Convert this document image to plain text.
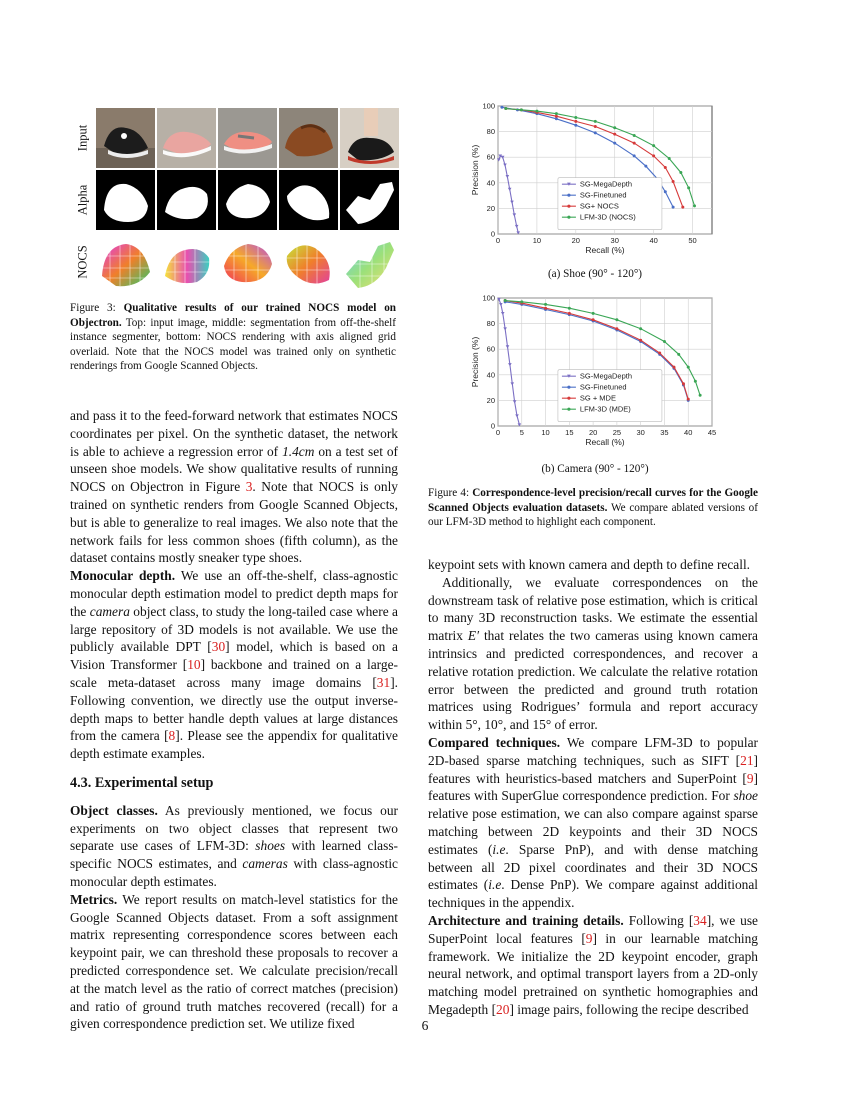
Input
Alpha
NOCS
Figure 3: Qualitative results of our trained NOCS model on Objectron. Top: input image, middle: segmentation from off-the-shelf instance segmenter, bottom: NOCS rendering with axis aligned grid overlaid. Note that the NOCS model was trained only on synthetic renderings from Google Scanned Objects.

and pass it to the feed-forward network that estimates NOCS coordinates per pixel. On the synthetic dataset, the network is able to achieve a regression error of 1.4cm on a test set of unseen shoe models. We show qualitative results of running NOCS on Objectron in Figure 3. Note that NOCS is only trained on synthetic renders from Google Scanned Objects, but is able to generalize to real images. We also note that the network fails for less common shoes (fifth column), as the dataset contains mostly sneaker type shoes.

Monocular depth. We use an off-the-shelf, class-agnostic monocular depth estimation model to predict depth maps for the camera object class, to study the long-tailed case where a large repository of 3D models is not available. We use the publicly available DPT [30] model, which is based on a Vision Transformer [10] backbone and trained on a large-scale meta-dataset across many image domains [31]. Following convention, we directly use the output inverse-depth maps to better handle depth values at large distances from the camera [8]. Please see the appendix for qualitative depth estimate examples.

4.3. Experimental setup

Object classes. As previously mentioned, we focus our experiments on two object classes that represent two separate use cases of LFM-3D: shoes with learned class-specific NOCS estimates, and cameras with class-agnostic monocular depth estimates.

Metrics. We report results on match-level statistics for the Google Scanned Objects dataset. From a soft assignment matrix representing correspondence scores between each keypoint pair, we can threshold these proposals to recover a predicted correspondence set. We calculate precision/recall at the match level as the ratio of correct matches (precision) and ratio of ground truth matches recovered (recall) for a given correspondence prediction set. We utilize fixed

0	10	20	30	40	50
0
20
40
60
80
100
Recall (%)
Precision (%)	SG-MegaDepth
SG-Finetuned
SG+ NOCS
LFM-3D (NOCS)
(a) Shoe (90° - 120°)
0	5 10 15 20 25 30 35 40 45
0
20
40
60
80
100
Recall (%)
Precision (%)	SG-MegaDepth
SG-Finetuned
SG + MDE
LFM-3D (MDE)
(b) Camera (90° - 120°)
Figure 4: Correspondence-level precision/recall curves for the Google Scanned Objects evaluation datasets. We compare ablated versions of our LFM-3D method to highlight each component.

keypoint sets with known camera and depth to define recall.

Additionally, we evaluate correspondences on the downstream task of relative pose estimation, which is critical to many 3D reconstruction tasks. We estimate the essential matrix E′ that relates the two cameras using known camera intrinsics and predicted correspondences, and recover a relative rotation prediction. We calculate the relative rotation error between the predicted and ground truth rotation matrices using Rodrigues’ formula and report accuracy within 5°, 10°, and 15° of error.

Compared techniques. We compare LFM-3D to popular 2D-based sparse matching techniques, such as SIFT [21] features with heuristics-based matchers and SuperPoint [9] features with SuperGlue correspondence prediction. For shoe relative pose estimation, we can also compare against sparse matching between 2D keypoints and their 3D NOCS estimates (i.e. Sparse PnP), and with dense matching between all 2D pixel coordinates and their 3D NOCS estimates (i.e. Dense PnP). We compare against additional techniques in the appendix.

Architecture and training details. Following [34], we use SuperPoint local features [9] in our learnable matching framework. We initialize the 2D keypoint encoder, graph neural network, and optimal transport layers from a 2D-only matching model pretrained on synthetic homographies and Megadepth [20] image pairs, following the recipe described

6
